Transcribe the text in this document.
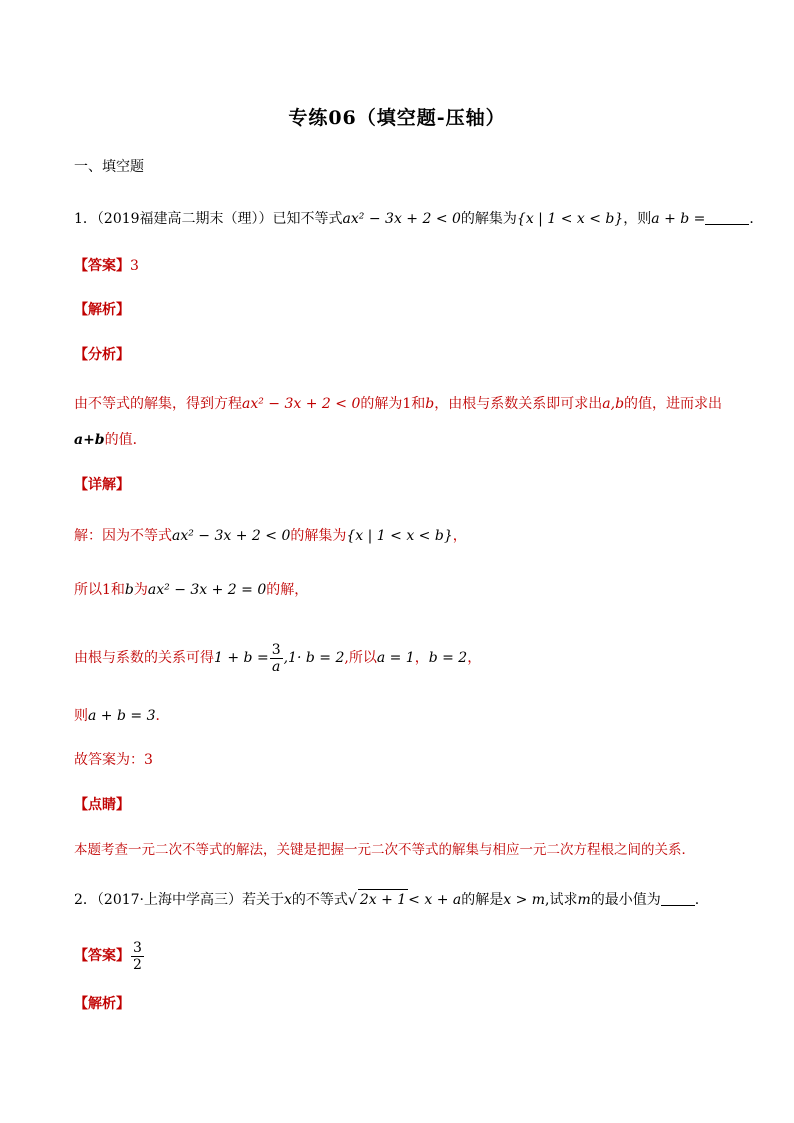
专练06（填空题-压轴）
一、填空题
1．（2019福建高二期末（理））已知不等式ax² − 3x + 2 < 0的解集为{x | 1 < x < b}，则a + b =	．
【答案】3
【解析】
【分析】
由不等式的解集，得到方程ax² − 3x + 2 < 0的解为1和b，由根与系数关系即可求出a,b的值，进而求出
a+b的值．
【详解】
解：因为不等式ax² − 3x + 2 < 0的解集为{x | 1 < x < b}，
所以1和b为ax² − 3x + 2 = 0的解，
由根与系数的关系可得$1 + b = \frac{3}{a} ,1\cdot b = 2$,所以a = 1，b = 2，
则a + b = 3．
故答案为：3
【点睛】
本题考查一元二次不等式的解法，关键是把握一元二次不等式的解集与相应一元二次方程根之间的关系．
2．（2017·上海中学高三）若关于x的不等式√ 2x + 1 < x + a的解是x > m,试求m的最小值为 .
【答案】 $\frac{3}{2}$
【解析】
